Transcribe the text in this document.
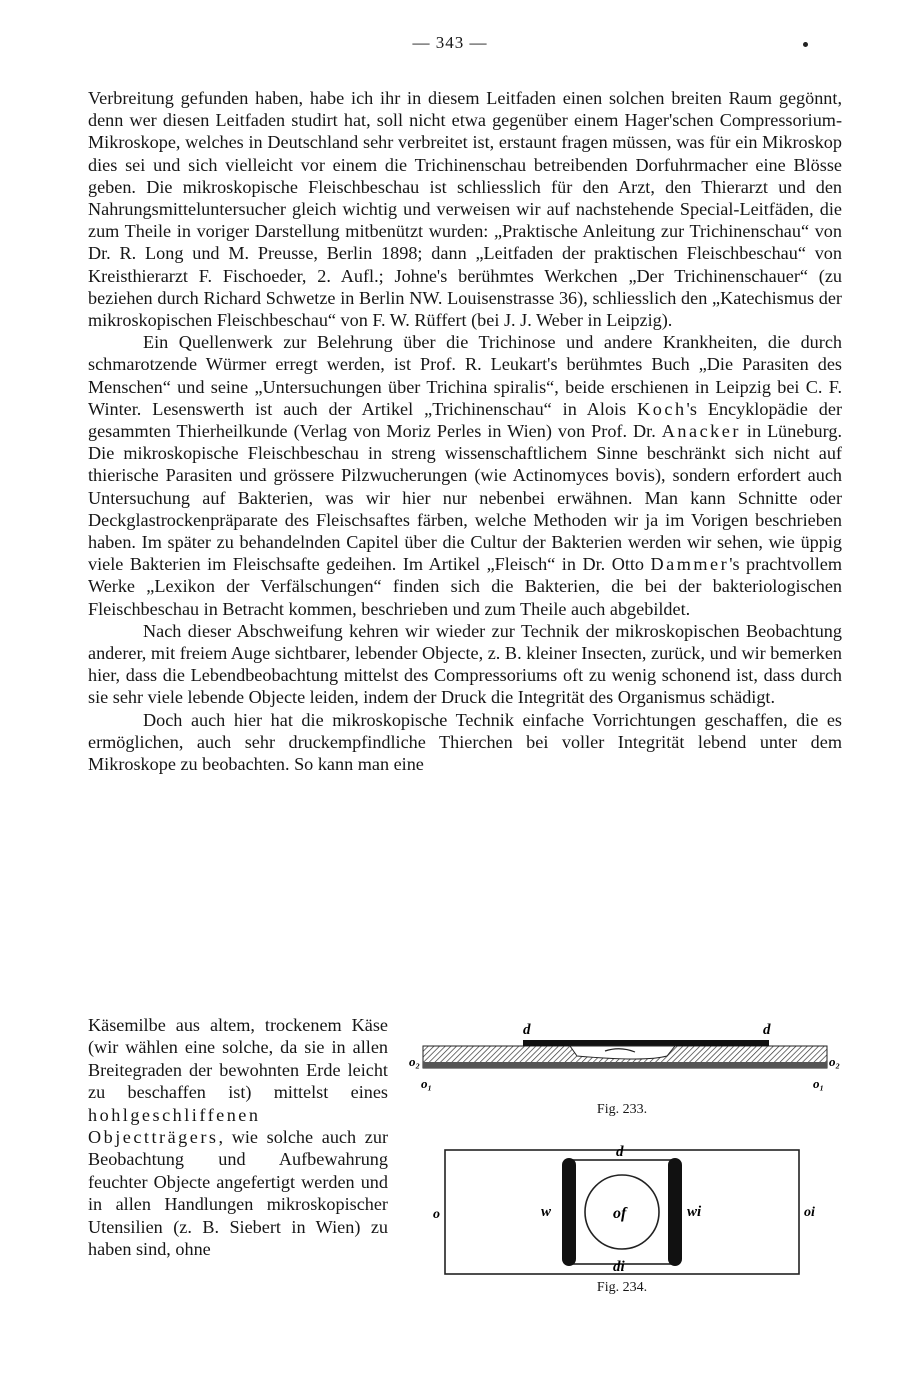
— 343 —

Verbreitung gefunden haben, habe ich ihr in diesem Leitfaden einen solchen breiten Raum gegönnt, denn wer diesen Leitfaden studirt hat, soll nicht etwa gegenüber einem Hager'schen Compressorium-Mikroskope, welches in Deutschland sehr verbreitet ist, erstaunt fragen müssen, was für ein Mikroskop dies sei und sich vielleicht vor einem die Trichinenschau betreibenden Dorfuhrmacher eine Blösse geben. Die mikroskopische Fleischbeschau ist schliesslich für den Arzt, den Thierarzt und den Nahrungsmitteluntersucher gleich wichtig und verweisen wir auf nachstehende Special-Leitfäden, die zum Theile in voriger Darstellung mitbenützt wurden: „Praktische Anleitung zur Trichinenschau“ von Dr. R. Long und M. Preusse, Berlin 1898; dann „Leitfaden der praktischen Fleischbeschau“ von Kreisthierarzt F. Fischoeder, 2. Aufl.; Johne's berühmtes Werkchen „Der Trichinenschauer“ (zu beziehen durch Richard Schwetze in Berlin NW. Louisenstrasse 36), schliesslich den „Katechismus der mikroskopischen Fleischbeschau“ von F. W. Rüffert (bei J. J. Weber in Leipzig).

Ein Quellenwerk zur Belehrung über die Trichinose und andere Krankheiten, die durch schmarotzende Würmer erregt werden, ist Prof. R. Leukart's berühmtes Buch „Die Parasiten des Menschen“ und seine „Untersuchungen über Trichina spiralis“, beide erschienen in Leipzig bei C. F. Winter. Lesenswerth ist auch der Artikel „Trichinenschau“ in Alois Koch's Encyklopädie der gesammten Thierheilkunde (Verlag von Moriz Perles in Wien) von Prof. Dr. Anacker in Lüneburg. Die mikroskopische Fleischbeschau in streng wissenschaftlichem Sinne beschränkt sich nicht auf thierische Parasiten und grössere Pilzwucherungen (wie Actinomyces bovis), sondern erfordert auch Untersuchung auf Bakterien, was wir hier nur nebenbei erwähnen. Man kann Schnitte oder Deckglastrockenpräparate des Fleischsaftes färben, welche Methoden wir ja im Vorigen beschrieben haben. Im später zu behandelnden Capitel über die Cultur der Bakterien werden wir sehen, wie üppig viele Bakterien im Fleischsafte gedeihen. Im Artikel „Fleisch“ in Dr. Otto Dammer's prachtvollem Werke „Lexikon der Verfälschungen“ finden sich die Bakterien, die bei der bakteriologischen Fleischbeschau in Betracht kommen, beschrieben und zum Theile auch abgebildet.

Nach dieser Abschweifung kehren wir wieder zur Technik der mikroskopischen Beobachtung anderer, mit freiem Auge sichtbarer, lebender Objecte, z. B. kleiner Insecten, zurück, und wir bemerken hier, dass die Lebendbeobachtung mittelst des Compressoriums oft zu wenig schonend ist, dass durch sie sehr viele lebende Objecte leiden, indem der Druck die Integrität des Organismus schädigt.

Doch auch hier hat die mikroskopische Technik einfache Vorrichtungen geschaffen, die es ermöglichen, auch sehr druckempfindliche Thierchen bei voller Integrität lebend unter dem Mikroskope zu beobachten. So kann man eine

Käsemilbe aus altem, trockenem Käse (wir wählen eine solche, da sie in allen Breitegraden der bewohnten Erde leicht zu beschaffen ist) mittelst eines hohlgeschliffenen Objectträgers, wie solche auch zur Beobachtung und Aufbewahrung feuchter Objecte angefertigt werden und in allen Handlungen mikroskopischer Utensilien (z. B. Siebert in Wien) zu haben sind, ohne
d	d
o₂	o₂
o₁	o₁
Fig. 233.
d
di
o	w	of	wi	oi
Fig. 234.
